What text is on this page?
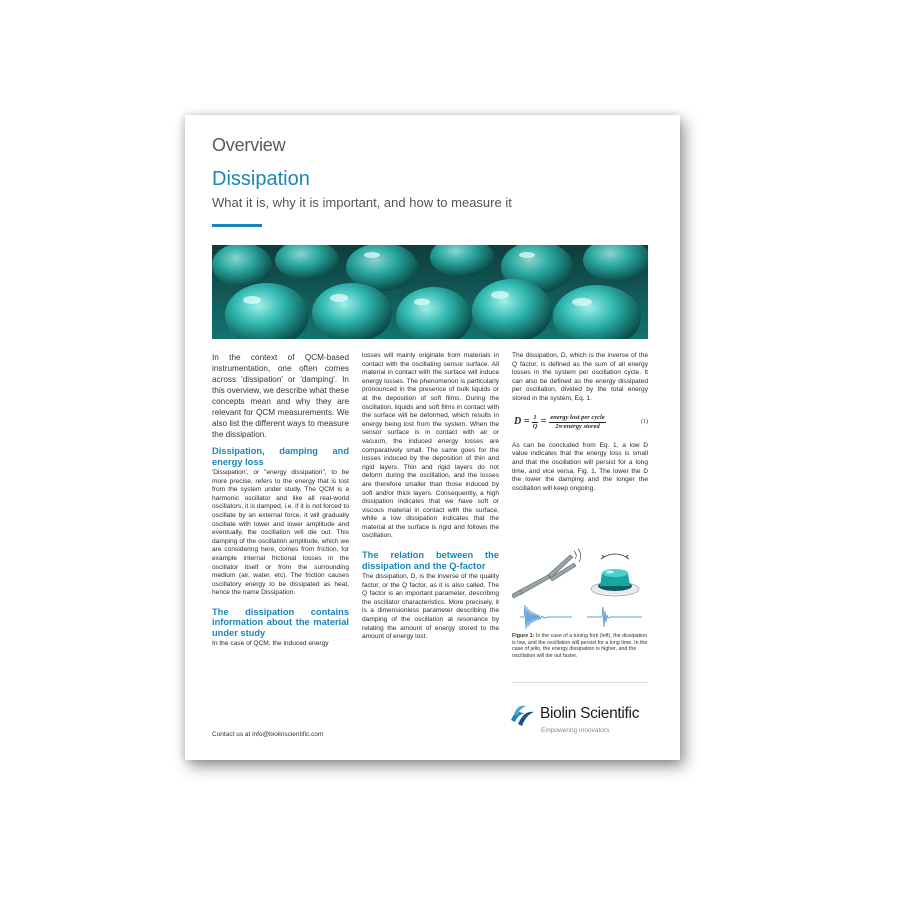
Overview
Dissipation
What it is, why it is important, and how to measure it

In the context of QCM-based instrumentation, one often comes across 'dissipation' or 'damping'. In this overview, we describe what these concepts mean and why they are relevant for QCM measurements. We also list the different ways to measure the dissipation.

Dissipation, damping and energy loss

'Dissipation', or "energy dissipation", to be more precise, refers to the energy that is lost from the system under study. The QCM is a harmonic oscillator and like all real-world oscillators, it is damped, i.e. if it is not forced to oscillate by an external force, it will gradually oscillate with lower and lower amplitude and eventually, the oscillation will die out. This damping of the oscillation amplitude, which we are considering here, comes from friction, for example internal frictional losses in the oscillator itself or from the surrounding medium (air, water, etc). The friction causes oscillatory energy to be dissipated as heat, hence the name Dissipation.

The dissipation contains information about the material under study

In the case of QCM, the induced energy

losses will mainly originate from materials in contact with the oscillating sensor surface. All material in contact with the surface will induce energy losses. The phenomenon is particularly pronounced in the presence of bulk liquids or at the deposition of soft films. During the oscillation, liquids and soft films in contact with the surface will be deformed, which results in energy being lost from the system. When the sensor surface is in contact with air or vacuum, the induced energy losses are comparatively small. The same goes for the losses induced by the deposition of thin and rigid layers. Thin and rigid layers do not deform during the oscillation, and the losses are therefore smaller than those induced by soft and/or thick layers. Consequently, a high dissipation indicates that we have soft or viscous material in contact with the surface, while a low dissipation indicates that the material at the surface is rigid and follows the oscillation.

The relation between the dissipation and the Q-factor

The dissipation, D, is the inverse of the quality factor, or the Q factor, as it is also called. The Q factor is an important parameter, describing the oscillator characteristics. More precisely, it is a dimensionless parameter describing the damping of the oscillation at resonance by relating the amount of energy stored to the amount of energy lost.

The dissipation, D, which is the inverse of the Q factor, is defined as the sum of all energy losses in the system per oscillation cycle. It can also be defined as the energy dissipated per oscillation, divided by the total energy stored in the system, Eq. 1.

$D = \frac{1}{Q} = \frac{\text{energy lost per cycle}}{\text{2π·energy stored}}$	(1)

As can be concluded from Eq. 1, a low D value indicates that the energy loss is small and that the oscillation will persist for a long time, and vice versa, Fig. 1. The lower the D the lower the damping and the longer the oscillation will keep ongoing.

Figure 1: In the case of a tuning fork (left), the dissipation is low, and the oscillation will persist for a long time. In the case of jello, the energy dissipation is higher, and the oscillation will die out faster.
Biolin Scientific
Empowering Innovators
Contact us at info@biolinscientific.com
